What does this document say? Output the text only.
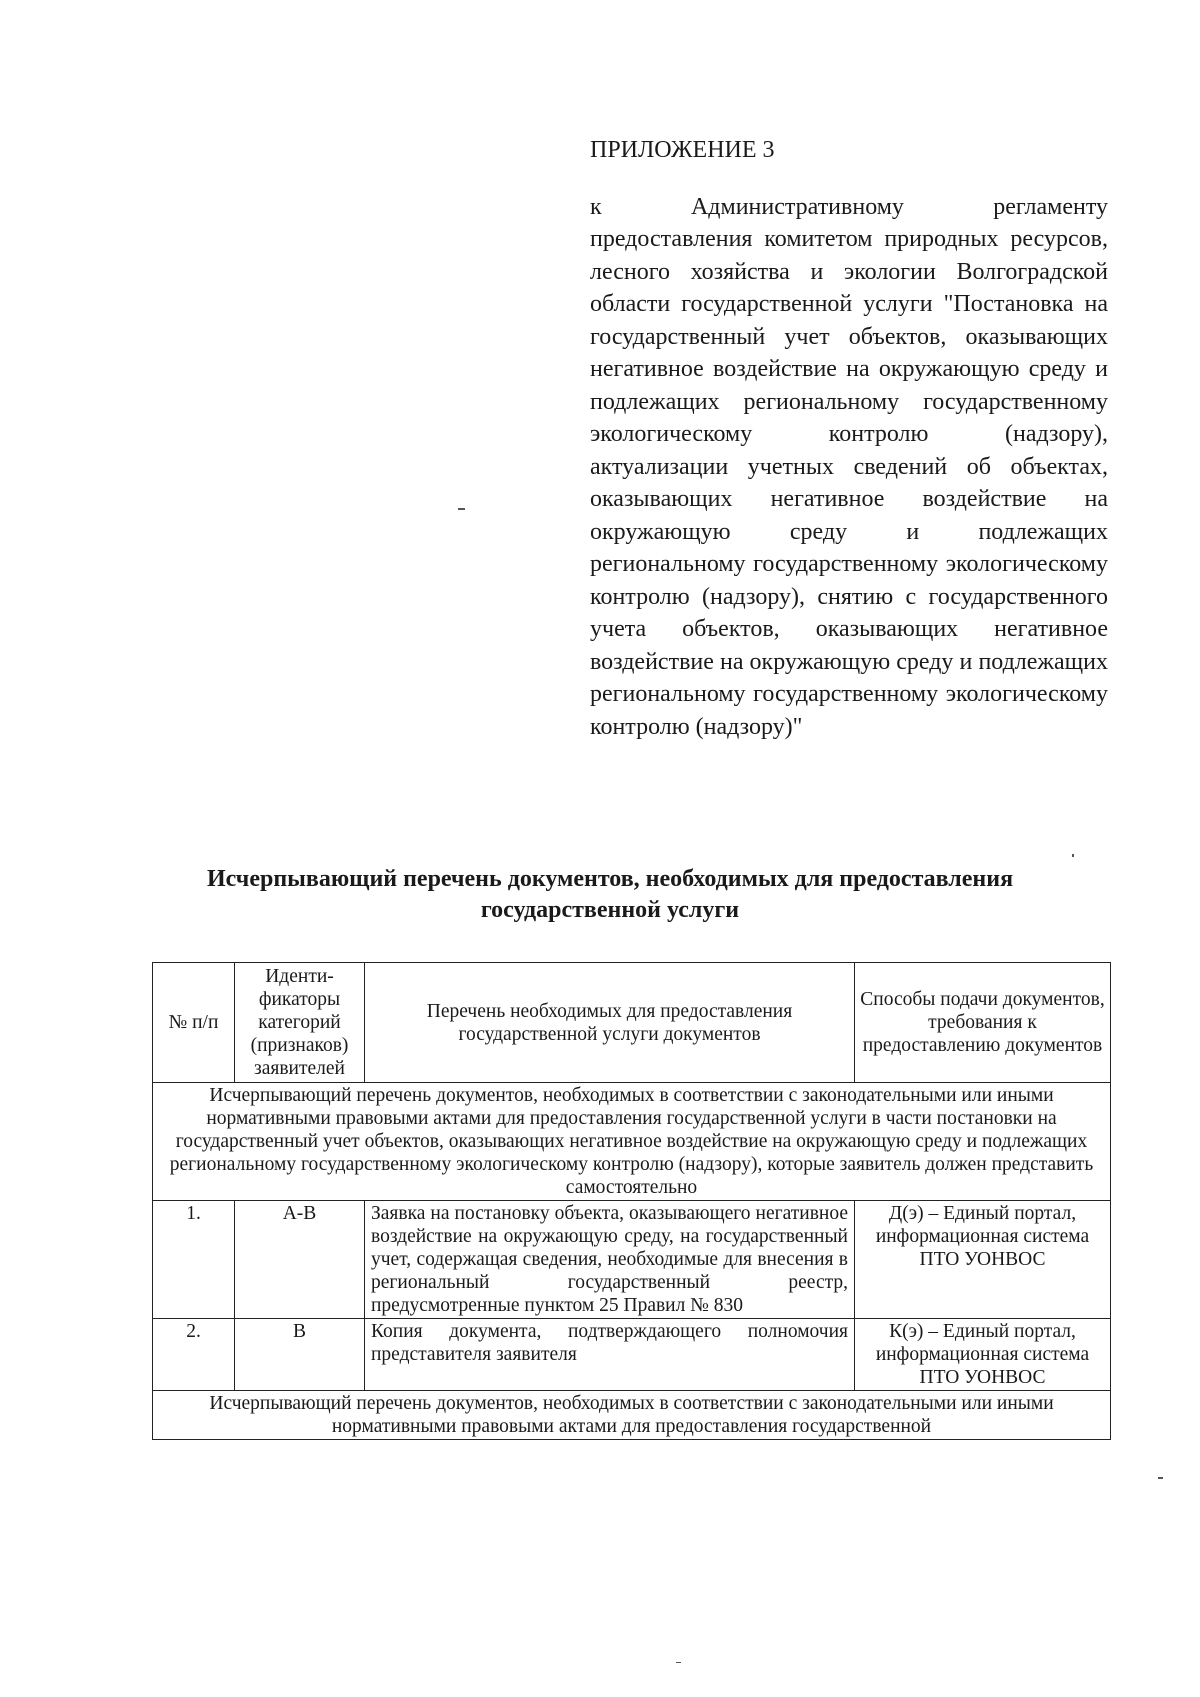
ПРИЛОЖЕНИЕ 3

к Административному регламенту предоставления комитетом природных ресурсов, лесного хозяйства и экологии Волгоградской области государственной услуги "Постановка на государственный учет объектов, оказывающих негативное воздействие на окружающую среду и подлежащих региональному государственному экологическому контролю (надзору), актуализации учетных сведений об объектах, оказывающих негативное воздействие на окружающую среду и подлежащих региональному государственному экологическому контролю (надзору), снятию с государственного учета объектов, оказывающих негативное воздействие на окружающую среду и подлежащих региональному государственному экологическому контролю (надзору)"

Исчерпывающий перечень документов, необходимых для предоставления
государственной услуги
№ п/п	Иденти-фикаторы категорий (признаков) заявителей	Перечень необходимых для предоставления государственной услуги документов	Способы подачи документов, требования к предоставлению документов
Исчерпывающий перечень документов, необходимых в соответствии с законодательными или иными нормативными правовыми актами для предоставления государственной услуги в части постановки на государственный учет объектов, оказывающих негативное воздействие на окружающую среду и подлежащих региональному государственному экологическому контролю (надзору), которые заявитель должен представить самостоятельно			
1.	А-В	Заявка на постановку объекта, оказывающего негативное воздействие на окружающую среду, на государственный учет, содержащая сведения, необходимые для внесения в региональный государственный реестр, предусмотренные пунктом 25 Правил № 830	Д(э) – Единый портал, информационная система ПТО УОНВОС
2.	В	Копия документа, подтверждающего полномочия представителя заявителя	К(э) – Единый портал, информационная система ПТО УОНВОС
Исчерпывающий перечень документов, необходимых в соответствии с законодательными или иными нормативными правовыми актами для предоставления государственной			
